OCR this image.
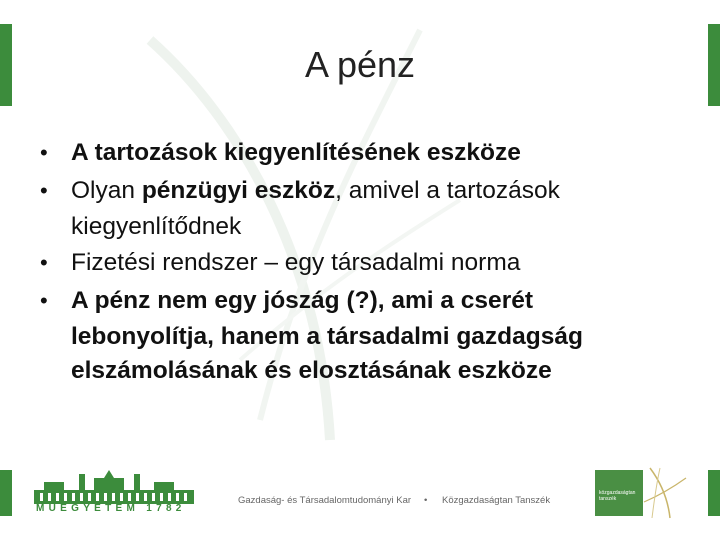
A pénz
• A tartozások kiegyenlítésének eszköze
• Olyan pénzügyi eszköz, amivel a tartozások
kiegyenlítődnek
• Fizetési rendszer – egy társadalmi norma
• A pénz nem egy jószág (?), ami a cserét
lebonyolítja, hanem a társadalmi gazdagság
elszámolásának és elosztásának eszköze
MŰEGYETEM 1782
Gazdaság- és Társadalomtudományi Kar • Közgazdaságtan Tanszék
közgazdaságtan tanszék
